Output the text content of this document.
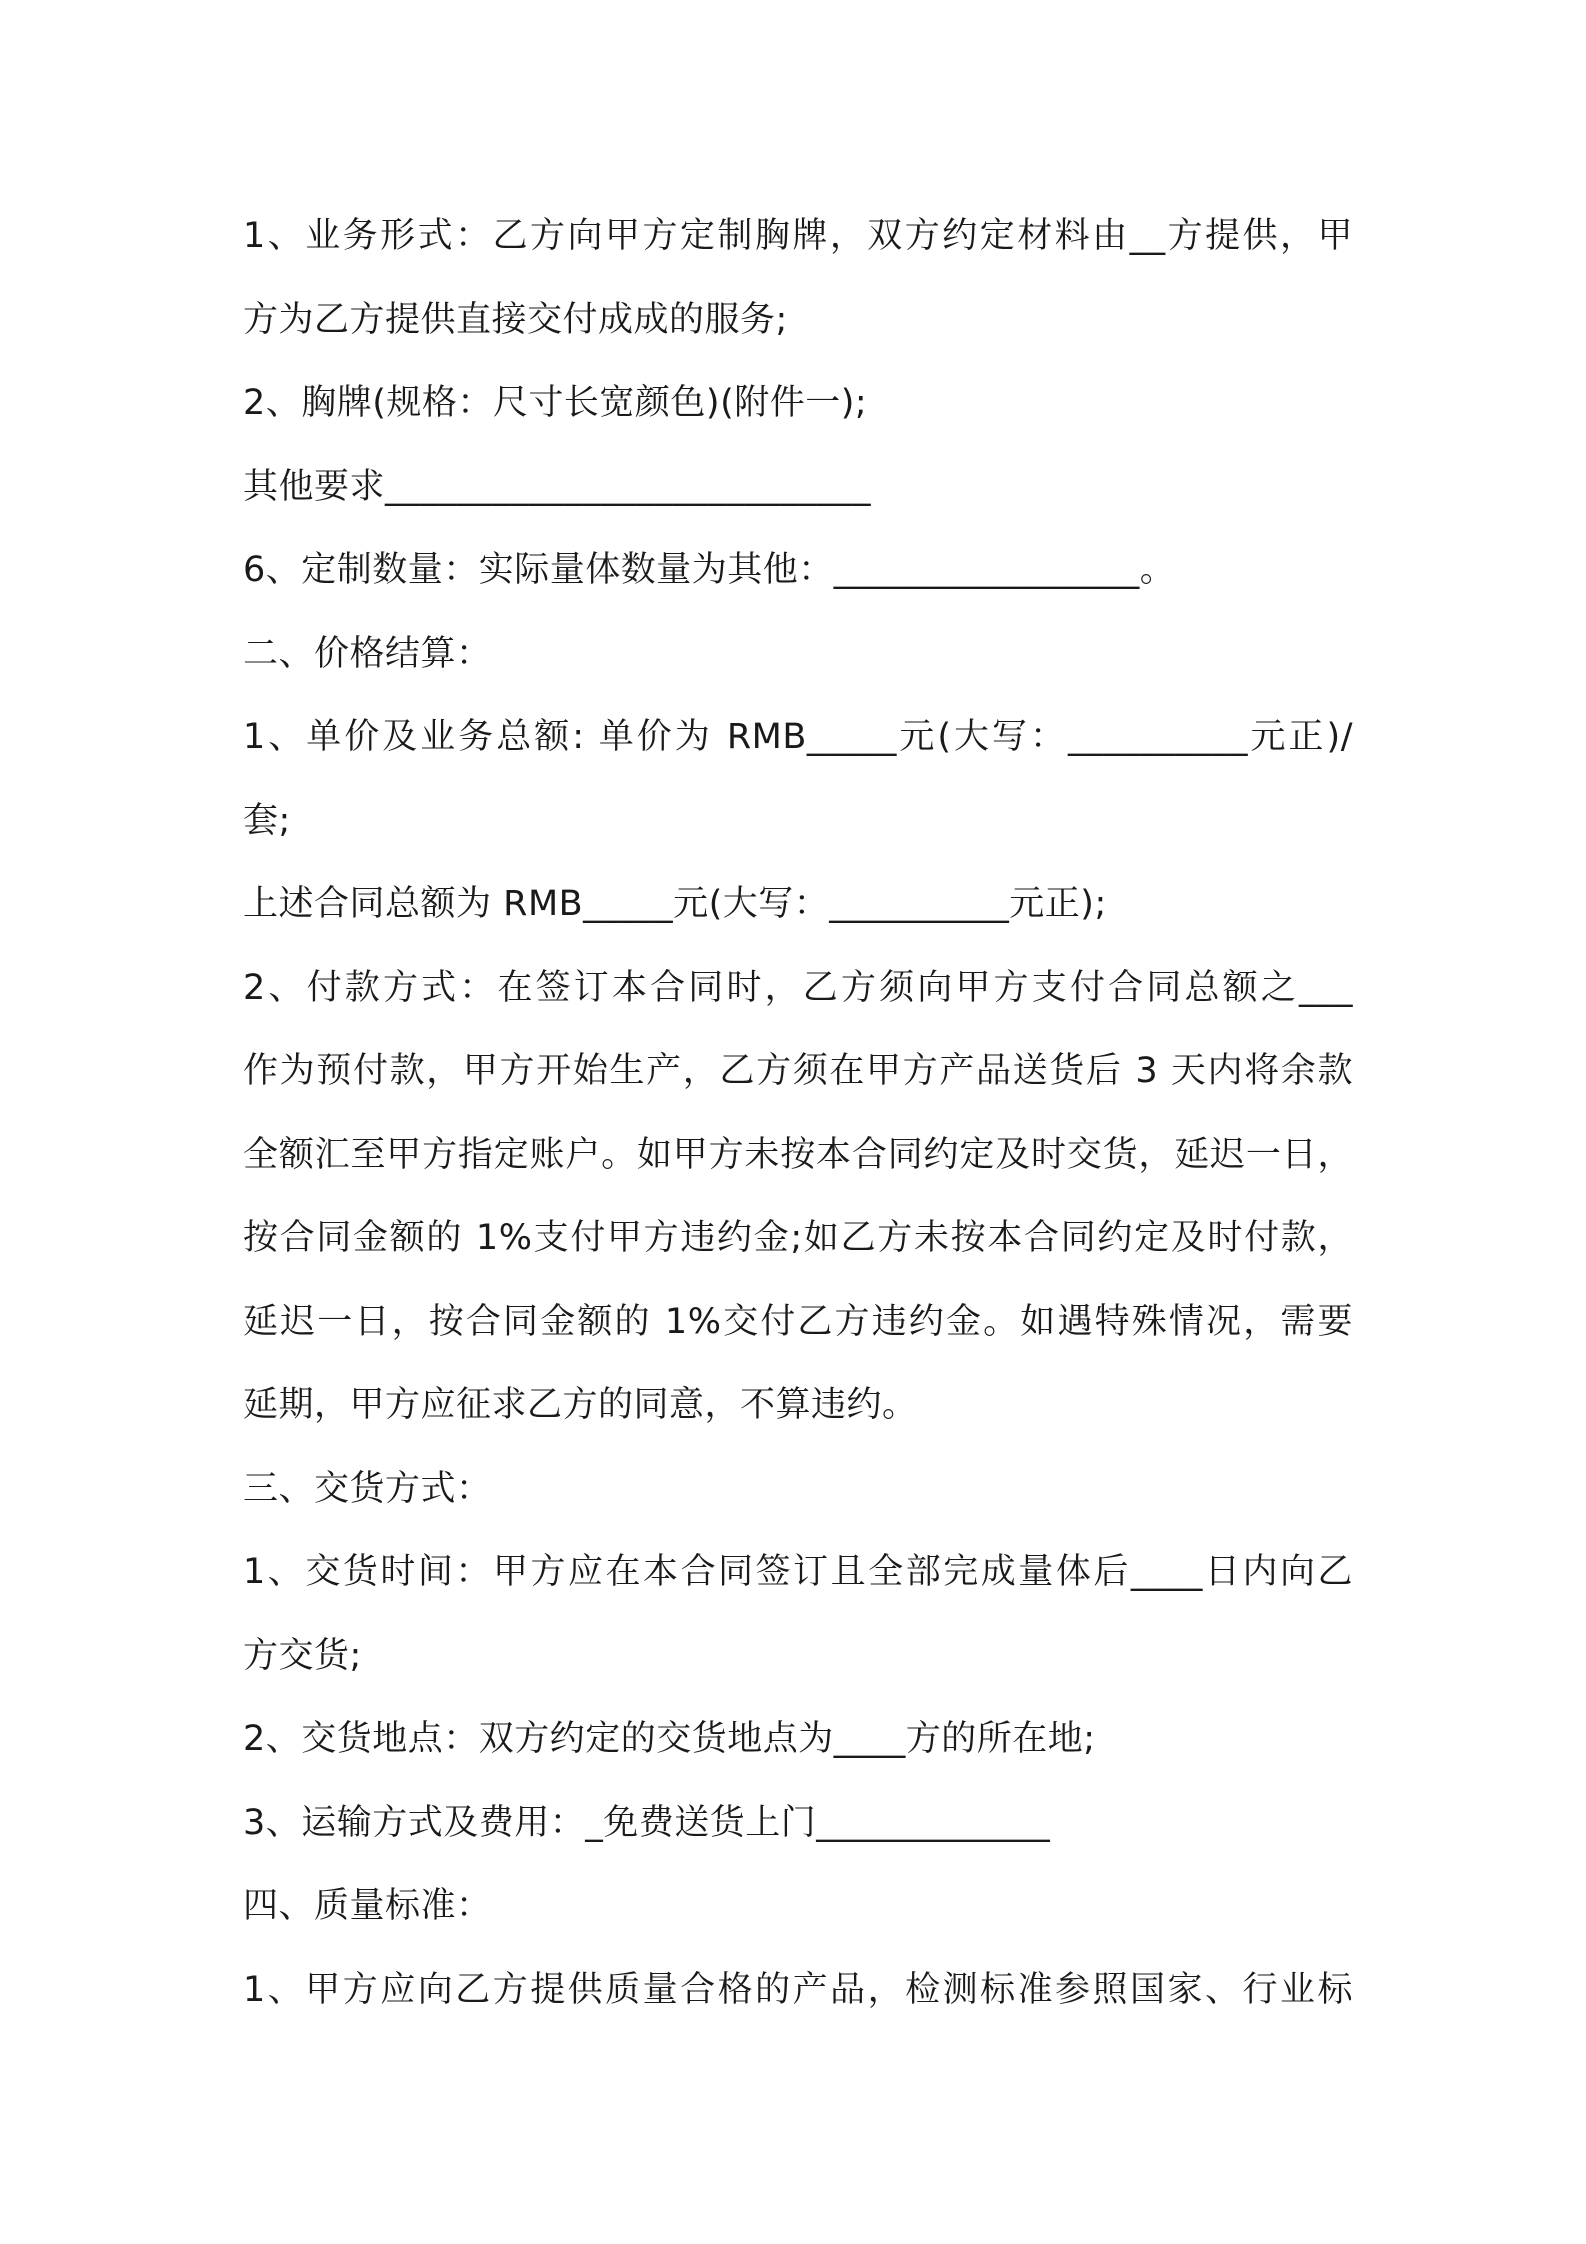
1、业务形式：乙方向甲方定制胸牌，双方约定材料由__方提供，甲
方为乙方提供直接交付成成的服务;
2、胸牌(规格：尺寸长宽颜色)(附件一);
其他要求___________________________
6、定制数量：实际量体数量为其他：_________________。
二、价格结算：
1、单价及业务总额: 单价为 RMB_____元(大写：__________元正)/
套;
上述合同总额为 RMB_____元(大写：__________元正);
2、付款方式：在签订本合同时，乙方须向甲方支付合同总额之___
作为预付款，甲方开始生产，乙方须在甲方产品送货后 3 天内将余款
全额汇至甲方指定账户。如甲方未按本合同约定及时交货，延迟一日，
按合同金额的 1%支付甲方违约金;如乙方未按本合同约定及时付款，
延迟一日，按合同金额的 1%交付乙方违约金。如遇特殊情况，需要
延期，甲方应征求乙方的同意，不算违约。
三、交货方式：
1、交货时间：甲方应在本合同签订且全部完成量体后____日内向乙
方交货;
2、交货地点：双方约定的交货地点为____方的所在地;
3、运输方式及费用：_免费送货上门_____________
四、质量标准：
1、甲方应向乙方提供质量合格的产品，检测标准参照国家、行业标
